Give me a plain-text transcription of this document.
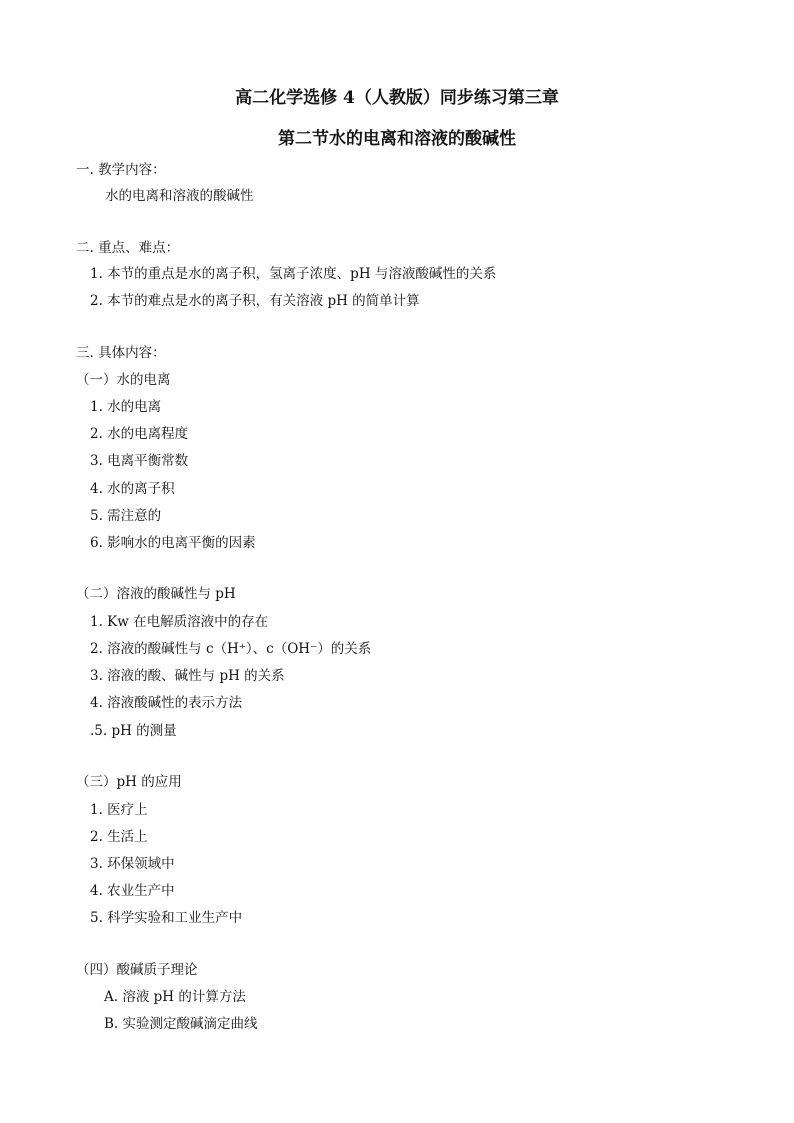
高二化学选修 4（人教版）同步练习第三章
第二节水的电离和溶液的酸碱性
一. 教学内容：
水的电离和溶液的酸碱性
二. 重点、难点：
1. 本节的重点是水的离子积，氢离子浓度、pH 与溶液酸碱性的关系
2. 本节的难点是水的离子积，有关溶液 pH 的简单计算
三. 具体内容：
（一）水的电离
1. 水的电离
2. 水的电离程度
3. 电离平衡常数
4. 水的离子积
5. 需注意的
6. 影响水的电离平衡的因素
（二）溶液的酸碱性与 pH
1. Kw 在电解质溶液中的存在
2. 溶液的酸碱性与 c（H⁺）、c（OH⁻）的关系
3. 溶液的酸、碱性与 pH 的关系
4. 溶液酸碱性的表示方法
.5. pH 的测量
（三）pH 的应用
1. 医疗上
2. 生活上
3. 环保领域中
4. 农业生产中
5. 科学实验和工业生产中
（四）酸碱质子理论
A. 溶液 pH 的计算方法
B. 实验测定酸碱滴定曲线
